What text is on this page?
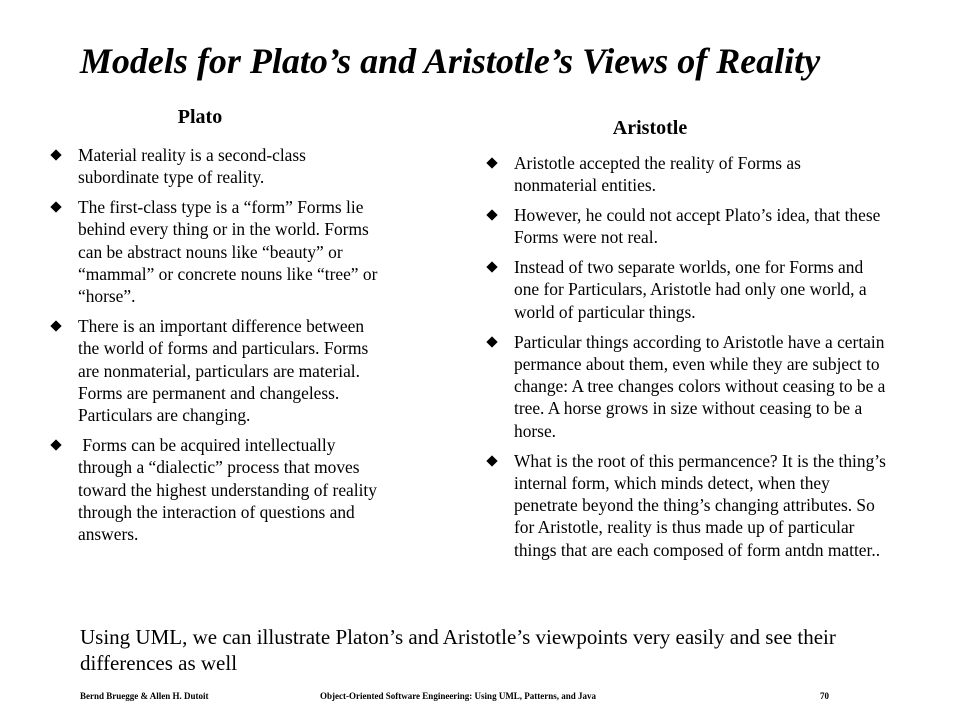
Models for Plato’s and Aristotle’s Views of Reality
Plato
Material reality is a second-class subordinate type of reality.
The first-class type is a “form” Forms lie behind every thing or in the world. Forms can be abstract nouns like “beauty” or “mammal” or concrete nouns like “tree” or “horse”.
There is an important difference between the world of forms and particulars. Forms are nonmaterial, particulars are material. Forms are permanent and changeless. Particulars are changing.
Forms can be acquired intellectually through a “dialectic” process that moves toward the highest understanding of reality through the interaction of questions and answers.
Aristotle
Aristotle accepted the reality of Forms as nonmaterial entities.
However, he could not accept Plato’s idea, that these Forms were not real.
Instead of two separate worlds, one for Forms and one for Particulars, Aristotle had only one world, a world of particular things.
Particular things according to Aristotle have a certain permance about them, even while they are subject to change: A tree changes colors without ceasing to be a tree. A horse grows in size without ceasing to be a horse.
What is the root of this permancence? It is the thing’s internal form, which minds detect, when they penetrate beyond the thing’s changing attributes. So for Aristotle, reality is thus made up of particular things that are each composed of form antdn matter..
Using UML, we can illustrate Platon’s and Aristotle’s viewpoints very easily and see their differences as well
Bernd Bruegge & Allen H. Dutoit	Object-Oriented Software Engineering: Using UML, Patterns, and Java	70
